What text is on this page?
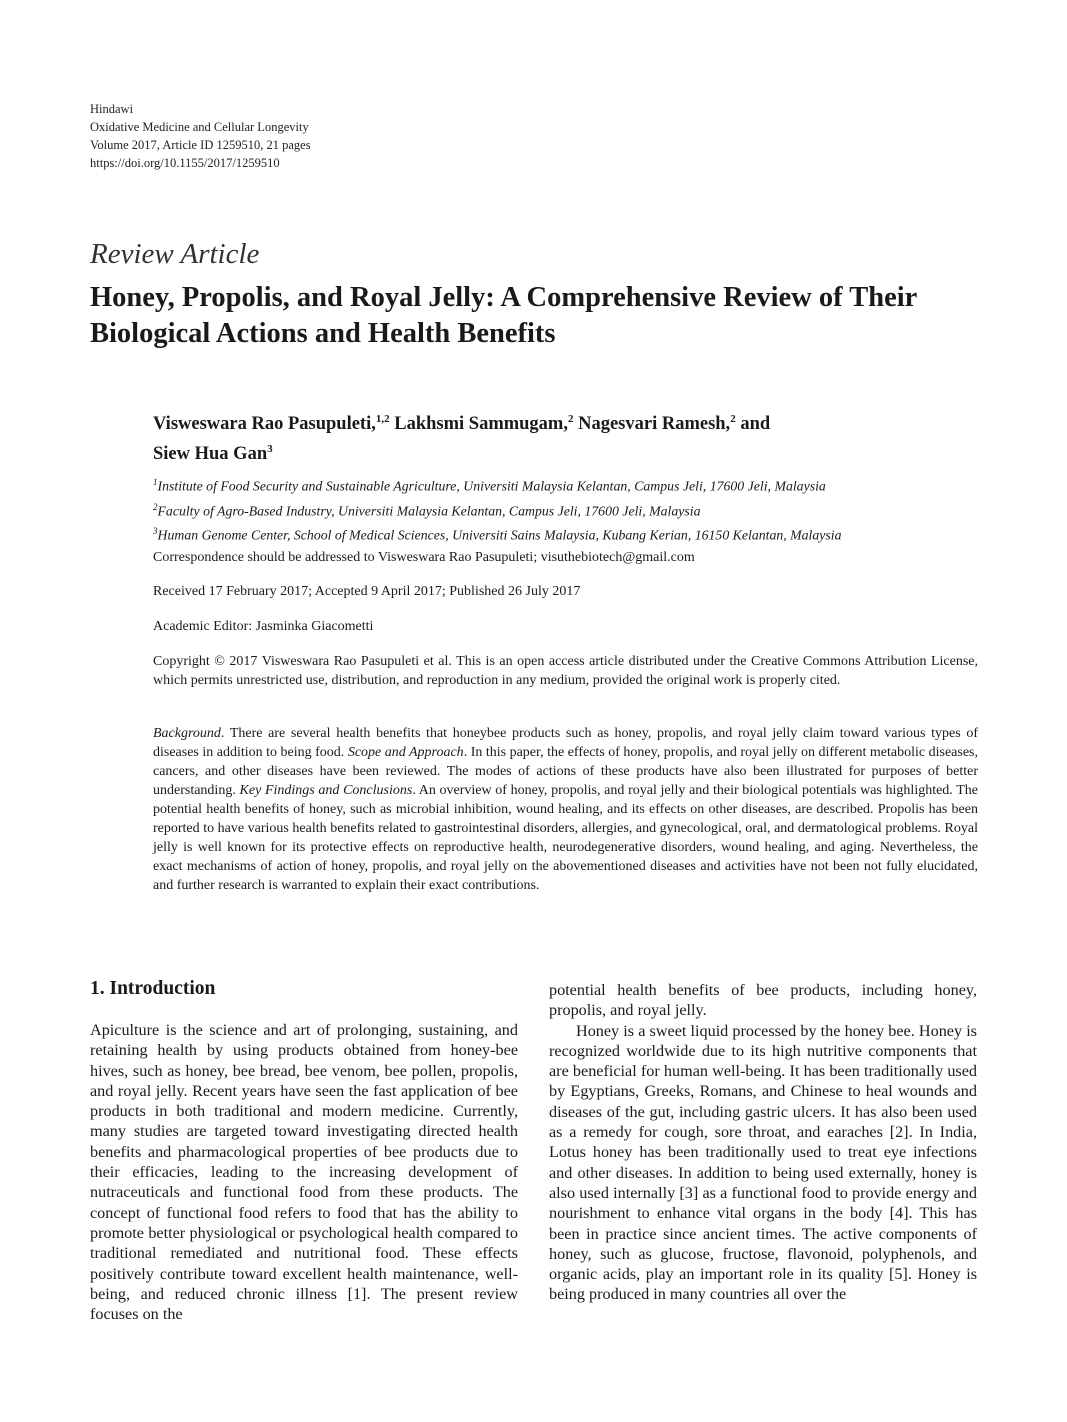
Hindawi
Oxidative Medicine and Cellular Longevity
Volume 2017, Article ID 1259510, 21 pages
https://doi.org/10.1155/2017/1259510
Review Article
Honey, Propolis, and Royal Jelly: A Comprehensive Review of Their Biological Actions and Health Benefits
Visweswara Rao Pasupuleti,$^{1,2}$ Lakhsmi Sammugam,$^2$ Nagesvari Ramesh,$^2$ and
Siew Hua Gan$^3$
$^1$Institute of Food Security and Sustainable Agriculture, Universiti Malaysia Kelantan, Campus Jeli, 17600 Jeli, Malaysia
$^2$Faculty of Agro-Based Industry, Universiti Malaysia Kelantan, Campus Jeli, 17600 Jeli, Malaysia
$^3$Human Genome Center, School of Medical Sciences, Universiti Sains Malaysia, Kubang Kerian, 16150 Kelantan, Malaysia
Correspondence should be addressed to Visweswara Rao Pasupuleti; visuthebiotech@gmail.com
Received 17 February 2017; Accepted 9 April 2017; Published 26 July 2017
Academic Editor: Jasminka Giacometti
Copyright © 2017 Visweswara Rao Pasupuleti et al. This is an open access article distributed under the Creative Commons Attribution License, which permits unrestricted use, distribution, and reproduction in any medium, provided the original work is properly cited.
Background. There are several health benefits that honeybee products such as honey, propolis, and royal jelly claim toward various types of diseases in addition to being food. Scope and Approach. In this paper, the effects of honey, propolis, and royal jelly on different metabolic diseases, cancers, and other diseases have been reviewed. The modes of actions of these products have also been illustrated for purposes of better understanding. Key Findings and Conclusions. An overview of honey, propolis, and royal jelly and their biological potentials was highlighted. The potential health benefits of honey, such as microbial inhibition, wound healing, and its effects on other diseases, are described. Propolis has been reported to have various health benefits related to gastrointestinal disorders, allergies, and gynecological, oral, and dermatological problems. Royal jelly is well known for its protective effects on reproductive health, neurodegenerative disorders, wound healing, and aging. Nevertheless, the exact mechanisms of action of honey, propolis, and royal jelly on the abovementioned diseases and activities have not been not fully elucidated, and further research is warranted to explain their exact contributions.
1. Introduction

Apiculture is the science and art of prolonging, sustaining, and retaining health by using products obtained from honey-bee hives, such as honey, bee bread, bee venom, bee pollen, propolis, and royal jelly. Recent years have seen the fast application of bee products in both traditional and modern medicine. Currently, many studies are targeted toward investigating directed health benefits and pharmacological properties of bee products due to their efficacies, leading to the increasing development of nutraceuticals and functional food from these products. The concept of functional food refers to food that has the ability to promote better physiological or psychological health compared to traditional remediated and nutritional food. These effects positively contribute toward excellent health maintenance, well-being, and reduced chronic illness [1]. The present review focuses on the

potential health benefits of bee products, including honey, propolis, and royal jelly.

Honey is a sweet liquid processed by the honey bee. Honey is recognized worldwide due to its high nutritive components that are beneficial for human well-being. It has been traditionally used by Egyptians, Greeks, Romans, and Chinese to heal wounds and diseases of the gut, including gastric ulcers. It has also been used as a remedy for cough, sore throat, and earaches [2]. In India, Lotus honey has been traditionally used to treat eye infections and other diseases. In addition to being used externally, honey is also used internally [3] as a functional food to provide energy and nourishment to enhance vital organs in the body [4]. This has been in practice since ancient times. The active components of honey, such as glucose, fructose, flavonoid, polyphenols, and organic acids, play an important role in its quality [5]. Honey is being produced in many countries all over the
